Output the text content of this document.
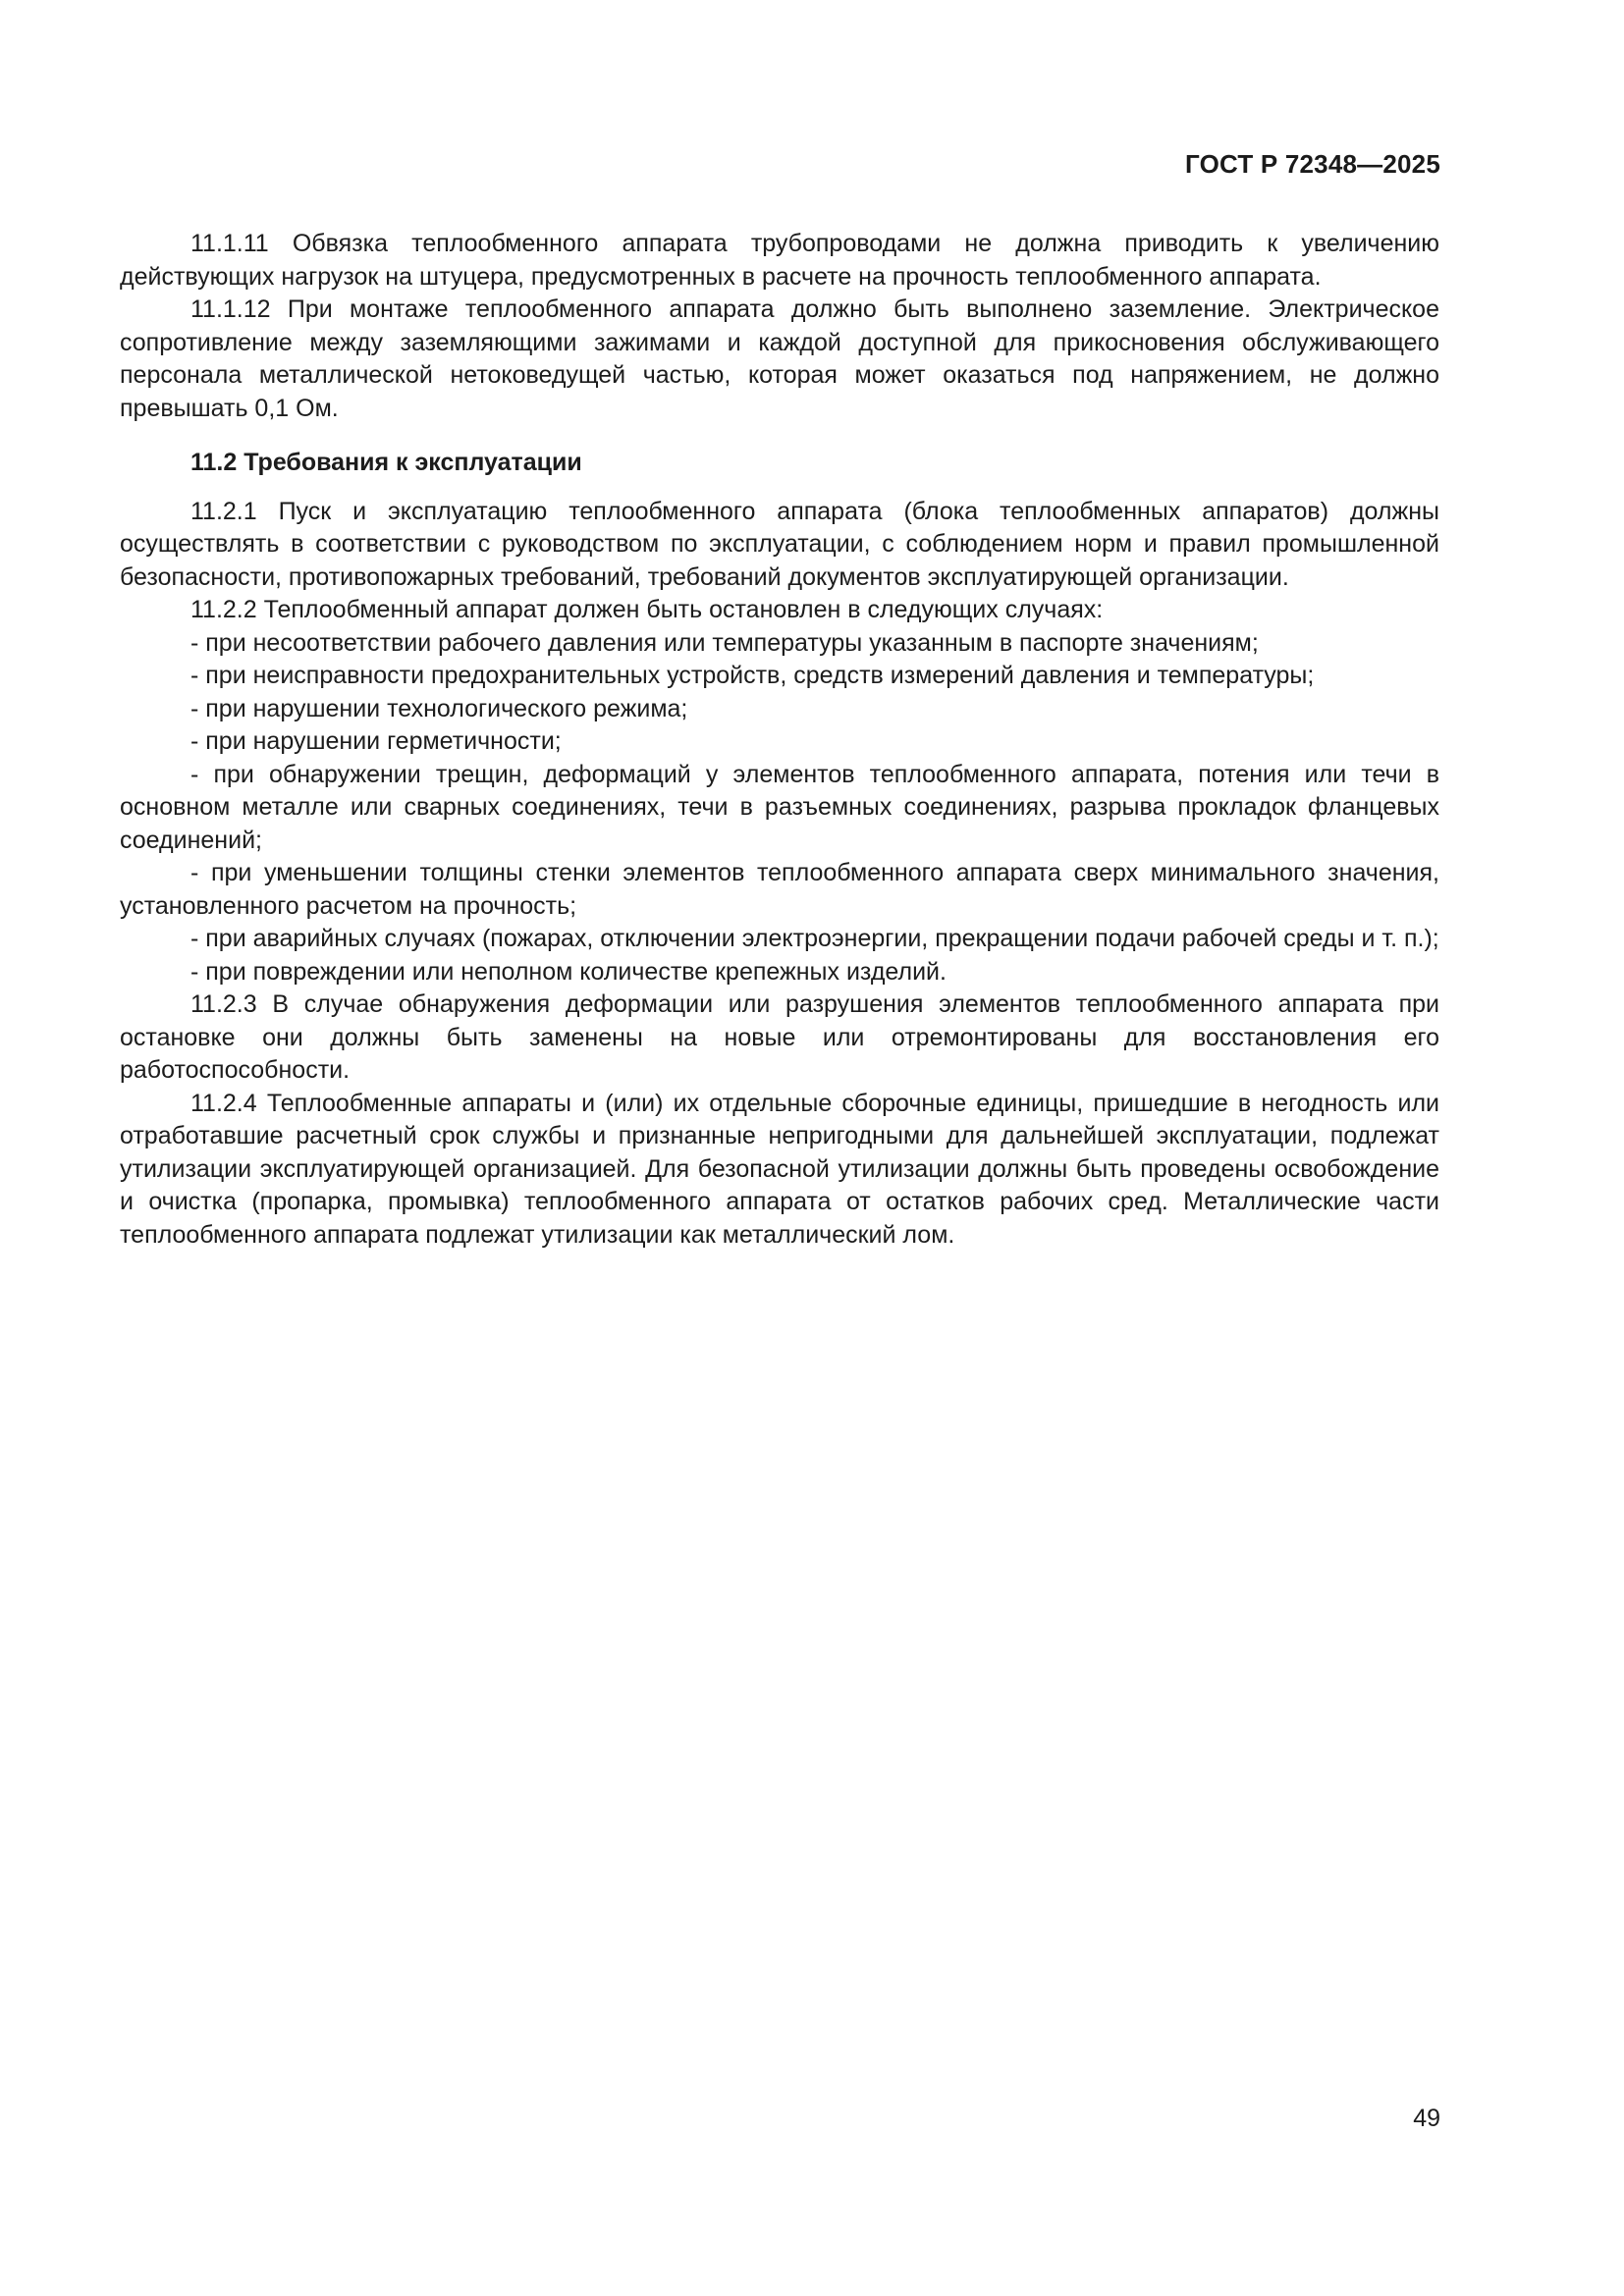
ГОСТ Р 72348—2025

11.1.11 Обвязка теплообменного аппарата трубопроводами не должна приводить к увеличению действующих нагрузок на штуцера, предусмотренных в расчете на прочность теплообменного аппарата.

11.1.12 При монтаже теплообменного аппарата должно быть выполнено заземление. Электрическое сопротивление между заземляющими зажимами и каждой доступной для прикосновения обслуживающего персонала металлической нетоковедущей частью, которая может оказаться под напряжением, не должно превышать 0,1 Ом.

11.2 Требования к эксплуатации

11.2.1 Пуск и эксплуатацию теплообменного аппарата (блока теплообменных аппаратов) должны осуществлять в соответствии с руководством по эксплуатации, с соблюдением норм и правил промышленной безопасности, противопожарных требований, требований документов эксплуатирующей организации.

11.2.2 Теплообменный аппарат должен быть остановлен в следующих случаях:

- при несоответствии рабочего давления или температуры указанным в паспорте значениям;

- при неисправности предохранительных устройств, средств измерений давления и температуры;

- при нарушении технологического режима;

- при нарушении герметичности;

- при обнаружении трещин, деформаций у элементов теплообменного аппарата, потения или течи в основном металле или сварных соединениях, течи в разъемных соединениях, разрыва прокладок фланцевых соединений;

- при уменьшении толщины стенки элементов теплообменного аппарата сверх минимального значения, установленного расчетом на прочность;

- при аварийных случаях (пожарах, отключении электроэнергии, прекращении подачи рабочей среды и т. п.);

- при повреждении или неполном количестве крепежных изделий.

11.2.3 В случае обнаружения деформации или разрушения элементов теплообменного аппарата при остановке они должны быть заменены на новые или отремонтированы для восстановления его работоспособности.

11.2.4 Теплообменные аппараты и (или) их отдельные сборочные единицы, пришедшие в негодность или отработавшие расчетный срок службы и признанные непригодными для дальнейшей эксплуатации, подлежат утилизации эксплуатирующей организацией. Для безопасной утилизации должны быть проведены освобождение и очистка (пропарка, промывка) теплообменного аппарата от остатков рабочих сред. Металлические части теплообменного аппарата подлежат утилизации как металлический лом.

49
